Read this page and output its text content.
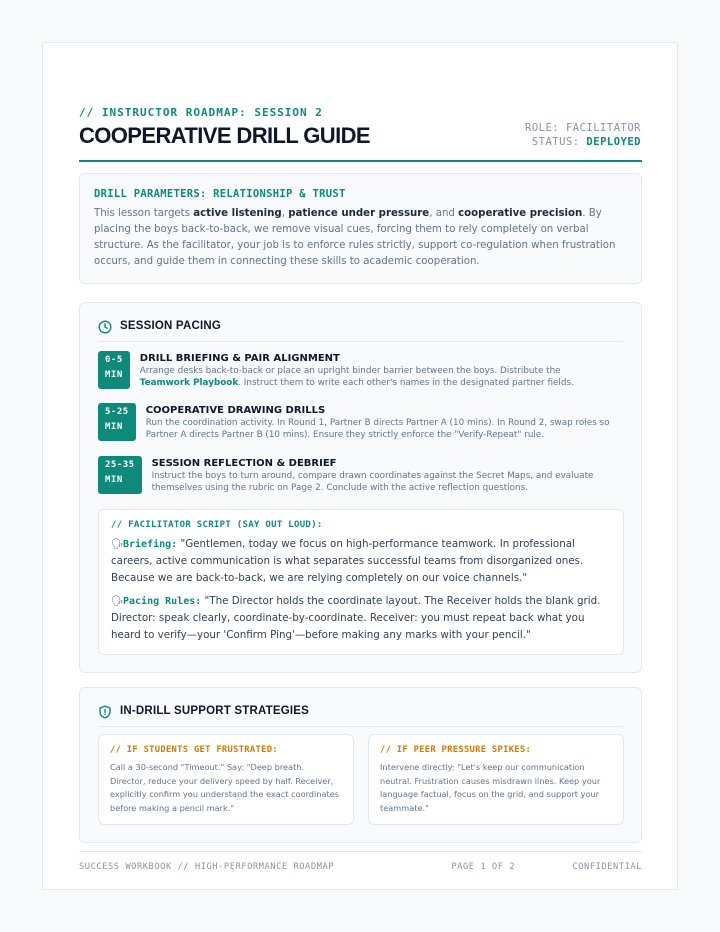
// INSTRUCTOR ROADMAP: SESSION 2
COOPERATIVE DRILL GUIDE	ROLE: FACILITATOR
STATUS: DEPLOYED
DRILL PARAMETERS: RELATIONSHIP & TRUST
This lesson targets active listening, patience under pressure, and cooperative precision. By placing the boys back-to-back, we remove visual cues, forcing them to rely completely on verbal structure. As the facilitator, your job is to enforce rules strictly, support co-regulation when frustration occurs, and guide them in connecting these skills to academic cooperation.
SESSION PACING
0-5
MIN
DRILL BRIEFING & PAIR ALIGNMENT
Arrange desks back-to-back or place an upright binder barrier between the boys. Distribute the Teamwork Playbook. Instruct them to write each other's names in the designated partner fields.
5-25
MIN
COOPERATIVE DRAWING DRILLS
Run the coordination activity. In Round 1, Partner B directs Partner A (10 mins). In Round 2, swap roles so Partner A directs Partner B (10 mins). Ensure they strictly enforce the "Verify-Repeat" rule.
25-35
MIN
SESSION REFLECTION & DEBRIEF
Instruct the boys to turn around, compare drawn coordinates against the Secret Maps, and evaluate themselves using the rubric on Page 2. Conclude with the active reflection questions.
// FACILITATOR SCRIPT (SAY OUT LOUD):

🗣Briefing: "Gentlemen, today we focus on high-performance teamwork. In professional careers, active communication is what separates successful teams from disorganized ones. Because we are back-to-back, we are relying completely on our voice channels."

🗣Pacing Rules: "The Director holds the coordinate layout. The Receiver holds the blank grid. Director: speak clearly, coordinate-by-coordinate. Receiver: you must repeat back what you heard to verify—your 'Confirm Ping'—before making any marks with your pencil."

IN-DRILL SUPPORT STRATEGIES
// IF STUDENTS GET FRUSTRATED:
Call a 30-second "Timeout." Say: "Deep breath. Director, reduce your delivery speed by half. Receiver, explicitly confirm you understand the exact coordinates before making a pencil mark."
// IF PEER PRESSURE SPIKES:
Intervene directly: "Let's keep our communication neutral. Frustration causes misdrawn lines. Keep your language factual, focus on the grid, and support your teammate."
SUCCESS WORKBOOK // HIGH-PERFORMANCE ROADMAP	PAGE 1 OF 2	CONFIDENTIAL
